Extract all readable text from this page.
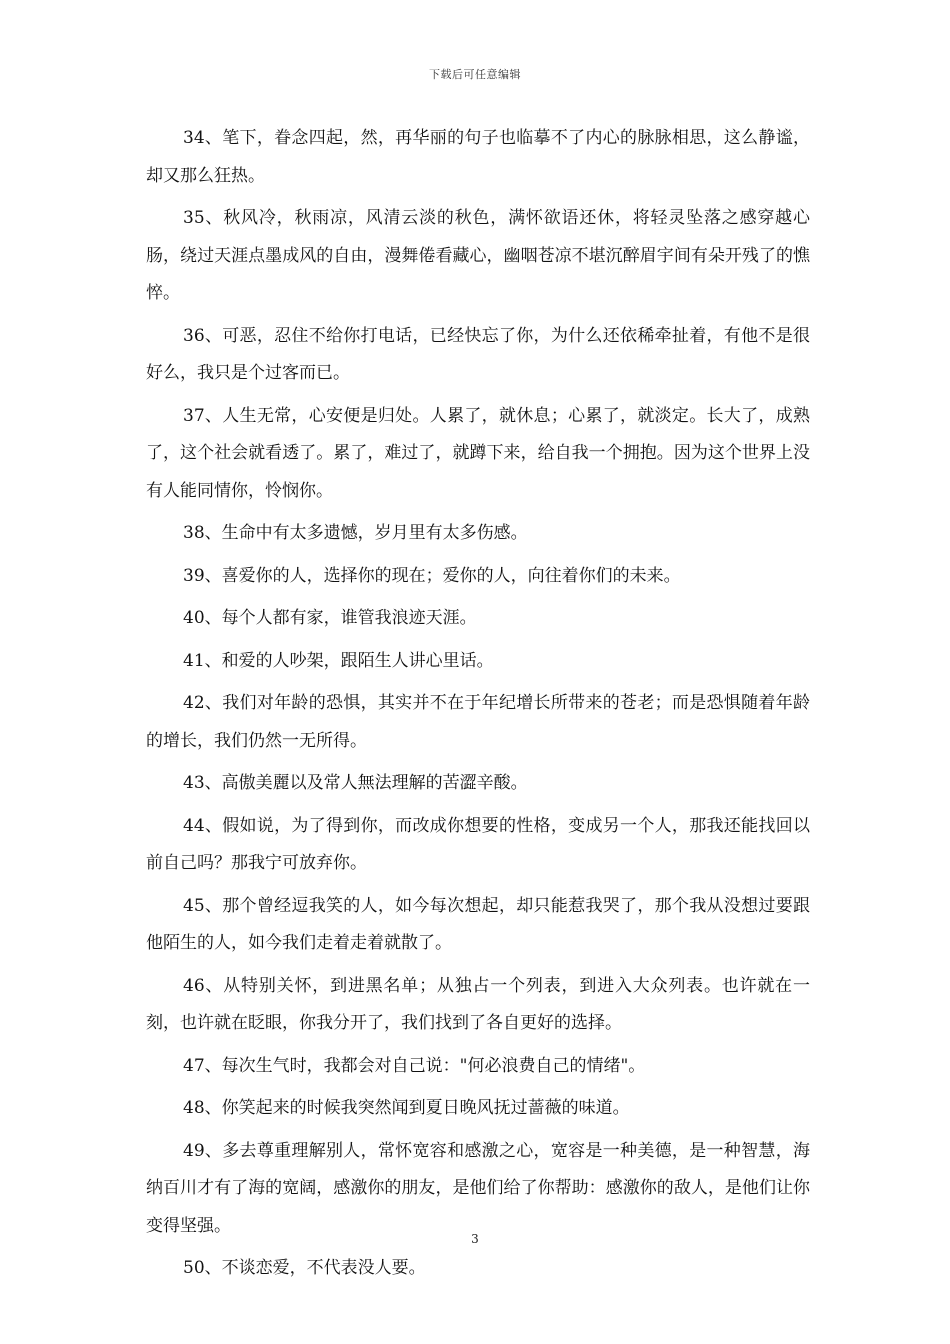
下载后可任意编辑

34、笔下，眷念四起，然，再华丽的句子也临摹不了内心的脉脉相思，这么静谧，却又那么狂热。

35、秋风冷，秋雨凉，风清云淡的秋色，满怀欲语还休，将轻灵坠落之感穿越心肠，绕过天涯点墨成风的自由，漫舞倦看藏心，幽咽苍凉不堪沉醉眉宇间有朵开残了的憔悴。

36、可恶，忍住不给你打电话，已经快忘了你，为什么还依稀牵扯着，有他不是很好么，我只是个过客而已。

37、人生无常，心安便是归处。人累了，就休息；心累了，就淡定。长大了，成熟了，这个社会就看透了。累了，难过了，就蹲下来，给自我一个拥抱。因为这个世界上没有人能同情你，怜悯你。

38、生命中有太多遗憾，岁月里有太多伤感。

39、喜爱你的人，选择你的现在；爱你的人，向往着你们的未来。

40、每个人都有家，谁管我浪迹天涯。

41、和爱的人吵架，跟陌生人讲心里话。

42、我们对年龄的恐惧，其实并不在于年纪增长所带来的苍老；而是恐惧随着年龄的增长，我们仍然一无所得。

43、高傲美麗以及常人無法理解的苦澀辛酸。

44、假如说，为了得到你，而改成你想要的性格，变成另一个人，那我还能找回以前自己吗？那我宁可放弃你。

45、那个曾经逗我笑的人，如今每次想起，却只能惹我哭了，那个我从没想过要跟他陌生的人，如今我们走着走着就散了。

46、从特别关怀，到进黑名单；从独占一个列表，到进入大众列表。也许就在一刻，也许就在眨眼，你我分开了，我们找到了各自更好的选择。

47、每次生气时，我都会对自己说："何必浪费自己的情绪"。

48、你笑起来的时候我突然闻到夏日晚风抚过蔷薇的味道。

49、多去尊重理解别人，常怀宽容和感激之心，宽容是一种美德，是一种智慧，海纳百川才有了海的宽阔，感激你的朋友，是他们给了你帮助：感激你的敌人，是他们让你变得坚强。

50、不谈恋爱，不代表没人要。

3
